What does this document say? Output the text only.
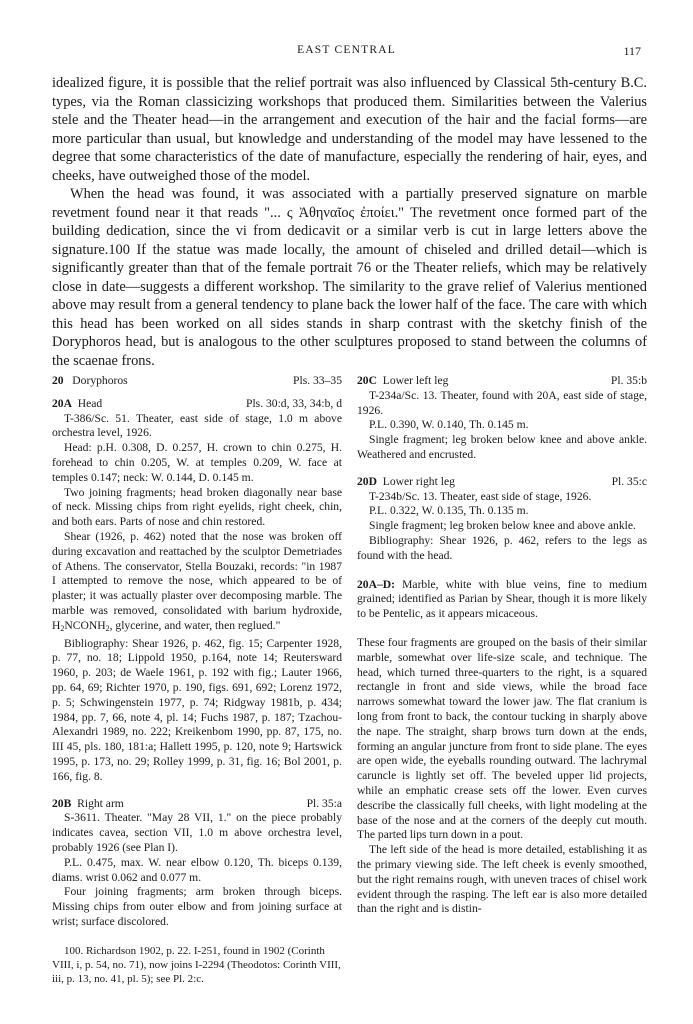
EAST CENTRAL	117

idealized figure, it is possible that the relief portrait was also influenced by Classical 5th-century B.C. types, via the Roman classicizing workshops that produced them. Similarities between the Valerius stele and the Theater head—in the arrangement and execution of the hair and the facial forms—are more particular than usual, but knowledge and understanding of the model may have lessened to the degree that some characteristics of the date of manufacture, especially the rendering of hair, eyes, and cheeks, have outweighed those of the model.

When the head was found, it was associated with a partially preserved signature on marble revetment found near it that reads "... ς Ἀθηναῖος ἐποίει." The revetment once formed part of the building dedication, since the vi from dedicavit or a similar verb is cut in large letters above the signature.100 If the statue was made locally, the amount of chiseled and drilled detail—which is significantly greater than that of the female portrait 76 or the Theater reliefs, which may be relatively close in date—suggests a different workshop. The similarity to the grave relief of Valerius mentioned above may result from a general tendency to plane back the lower half of the face. The care with which this head has been worked on all sides stands in sharp contrast with the sketchy finish of the Doryphoros head, but is analogous to the other sculptures proposed to stand between the columns of the scaenae frons.

20 Doryphoros	Pls. 33–35
20A Head	Pls. 30:d, 33, 34:b, d

T-386/Sc. 51. Theater, east side of stage, 1.0 m above orchestra level, 1926.

Head: p.H. 0.308, D. 0.257, H. crown to chin 0.275, H. forehead to chin 0.205, W. at temples 0.209, W. face at temples 0.147; neck: W. 0.144, D. 0.145 m.

Two joining fragments; head broken diagonally near base of neck. Missing chips from right eyelids, right cheek, chin, and both ears. Parts of nose and chin restored.

Shear (1926, p. 462) noted that the nose was broken off during excavation and reattached by the sculptor Demetriades of Athens. The conservator, Stella Bouzaki, records: "in 1987 I attempted to remove the nose, which appeared to be of plaster; it was actually plaster over decomposing marble. The marble was removed, consolidated with barium hydroxide, $H_2NCONH_2$, glycerine, and water, then reglued."

Bibliography: Shear 1926, p. 462, fig. 15; Carpenter 1928, p. 77, no. 18; Lippold 1950, p.164, note 14; Reutersward 1960, p. 203; de Waele 1961, p. 192 with fig.; Lauter 1966, pp. 64, 69; Richter 1970, p. 190, figs. 691, 692; Lorenz 1972, p. 5; Schwingenstein 1977, p. 74; Ridgway 1981b, p. 434; 1984, pp. 7, 66, note 4, pl. 14; Fuchs 1987, p. 187; Tzachou-Alexandri 1989, no. 222; Kreikenbom 1990, pp. 87, 175, no. III 45, pls. 180, 181:a; Hallett 1995, p. 120, note 9; Hartswick 1995, p. 173, no. 29; Rolley 1999, p. 31, fig. 16; Bol 2001, p. 166, fig. 8.

20B Right arm	Pl. 35:a

S-3611. Theater. "May 28 VII, 1." on the piece probably indicates cavea, section VII, 1.0 m above orchestra level, probably 1926 (see Plan I).

P.L. 0.475, max. W. near elbow 0.120, Th. biceps 0.139, diams. wrist 0.062 and 0.077 m.

Four joining fragments; arm broken through biceps. Missing chips from outer elbow and from joining surface at wrist; surface discolored.

20C Lower left leg	Pl. 35:b

T-234a/Sc. 13. Theater, found with 20A, east side of stage, 1926.

P.L. 0.390, W. 0.140, Th. 0.145 m.

Single fragment; leg broken below knee and above ankle. Weathered and encrusted.

20D Lower right leg	Pl. 35:c

T-234b/Sc. 13. Theater, east side of stage, 1926.

P.L. 0.322, W. 0.135, Th. 0.135 m.

Single fragment; leg broken below knee and above ankle.

Bibliography: Shear 1926, p. 462, refers to the legs as found with the head.

20A–D: Marble, white with blue veins, fine to medium grained; identified as Parian by Shear, though it is more likely to be Pentelic, as it appears micaceous.

These four fragments are grouped on the basis of their similar marble, somewhat over life-size scale, and technique. The head, which turned three-quarters to the right, is a squared rectangle in front and side views, while the broad face narrows somewhat toward the lower jaw. The flat cranium is long from front to back, the contour tucking in sharply above the nape. The straight, sharp brows turn down at the ends, forming an angular juncture from front to side plane. The eyes are open wide, the eyeballs rounding outward. The lachrymal caruncle is lightly set off. The beveled upper lid projects, while an emphatic crease sets off the lower. Even curves describe the classically full cheeks, with light modeling at the base of the nose and at the corners of the deeply cut mouth. The parted lips turn down in a pout.

The left side of the head is more detailed, establishing it as the primary viewing side. The left cheek is evenly smoothed, but the right remains rough, with uneven traces of chisel work evident through the rasping. The left ear is also more detailed than the right and is distin-

100. Richardson 1902, p. 22. I-251, found in 1902 (Corinth VIII, i, p. 54, no. 71), now joins I-2294 (Theodotos: Corinth VIII, iii, p. 13, no. 41, pl. 5); see Pl. 2:c.
